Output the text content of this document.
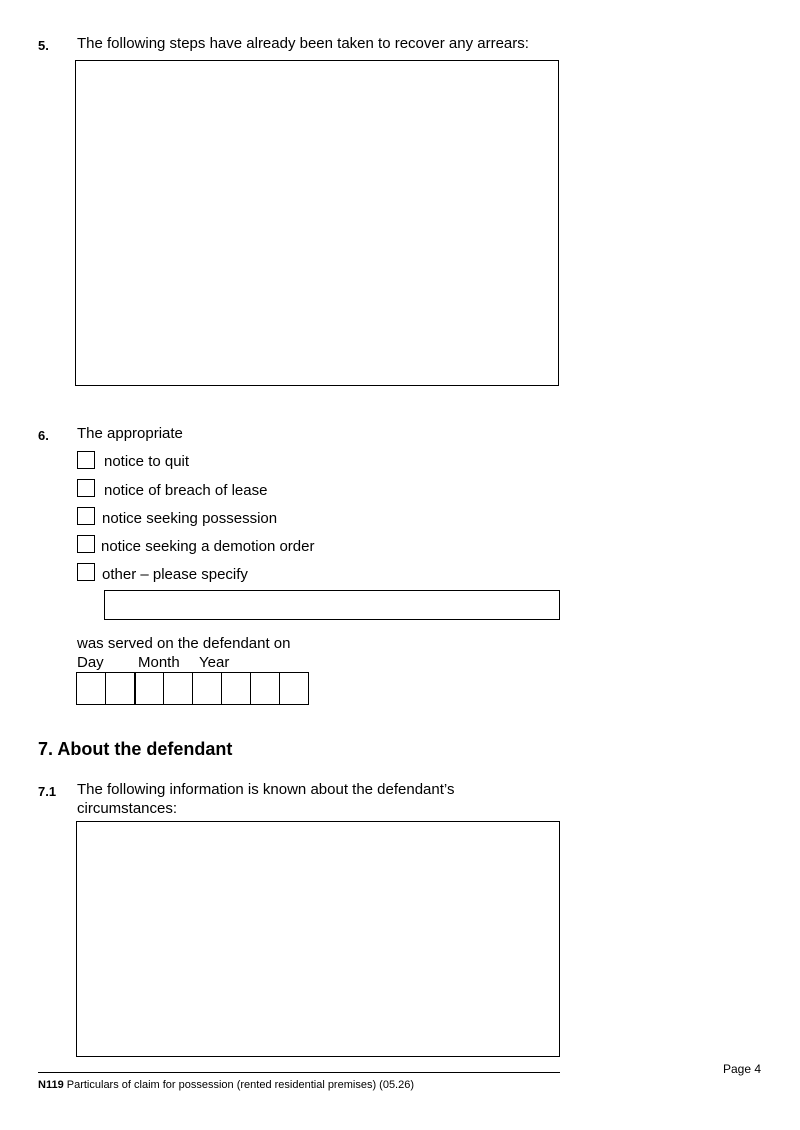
5. The following steps have already been taken to recover any arrears:
6. The appropriate
notice to quit
notice of breach of lease
notice seeking possession
notice seeking a demotion order
other – please specify
was served on the defendant on
Day Month Year
7. About the defendant
7.1 The following information is known about the defendant’s
circumstances:
Page 4
N119 Particulars of claim for possession (rented residential premises) (05.26)
